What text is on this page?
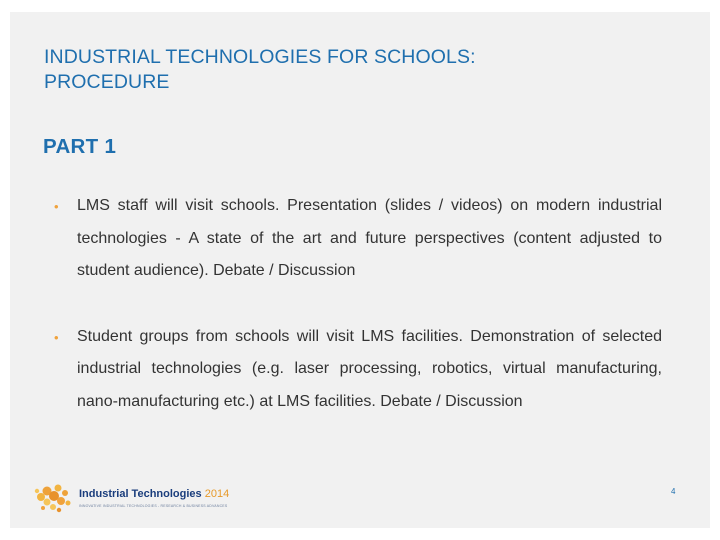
INDUSTRIAL TECHNOLOGIES FOR SCHOOLS:
PROCEDURE
PART 1
• LMS staff will visit schools. Presentation (slides / videos) on modern industrial technologies - A state of the art and future perspectives (content adjusted to student audience). Debate / Discussion
• Student groups from schools will visit LMS facilities. Demonstration of selected industrial technologies (e.g. laser processing, robotics, virtual manufacturing, nano-manufacturing etc.) at LMS facilities. Debate / Discussion
Industrial Technologies 2014
INNOVATIVE INDUSTRIAL TECHNOLOGIES - RESEARCH & BUSINESS ADVANCES
4
